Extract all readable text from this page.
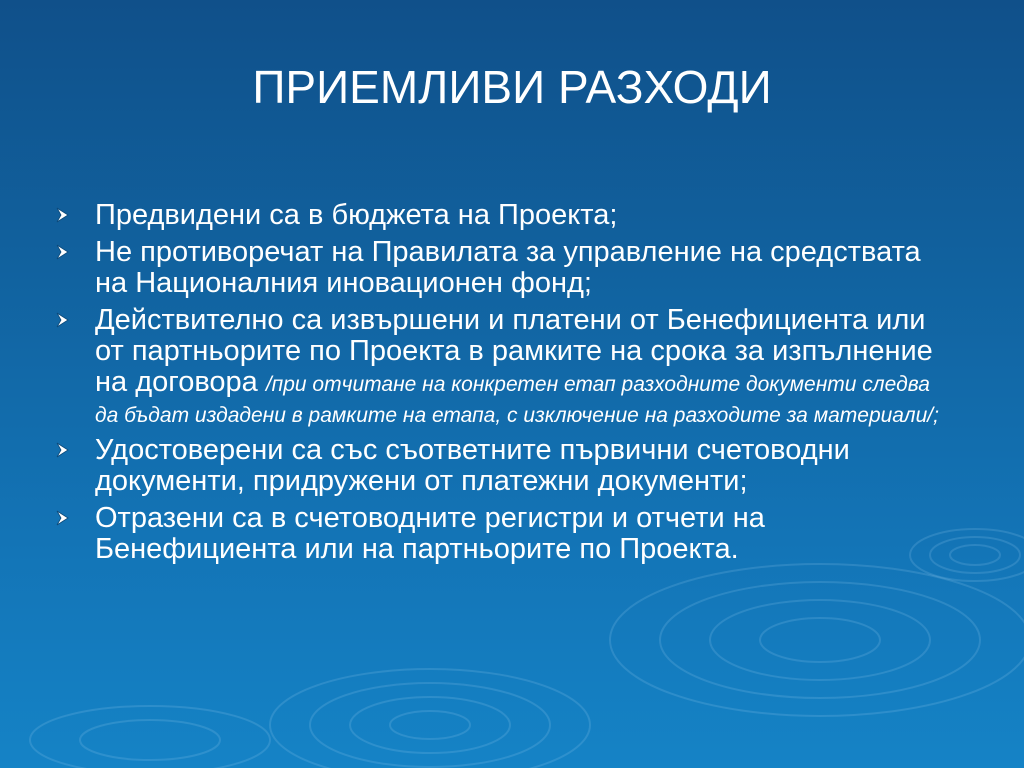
ПРИЕМЛИВИ РАЗХОДИ
Предвидени са в бюджета на Проекта;
Не противоречат на Правилата за управление на средствата на Националния иновационен фонд;
Действително са извършени и платени от Бенефициента или от партньорите по Проекта в рамките на срока за изпълнение на договора /при отчитане на конкретен етап разходните документи следва да бъдат издадени в рамките на етапа, с изключение на разходите за материали/;
Удостоверени са със съответните първични счетоводни документи, придружени от платежни документи;
Отразени са в счетоводните регистри и отчети на Бенефициента или на партньорите по Проекта.
